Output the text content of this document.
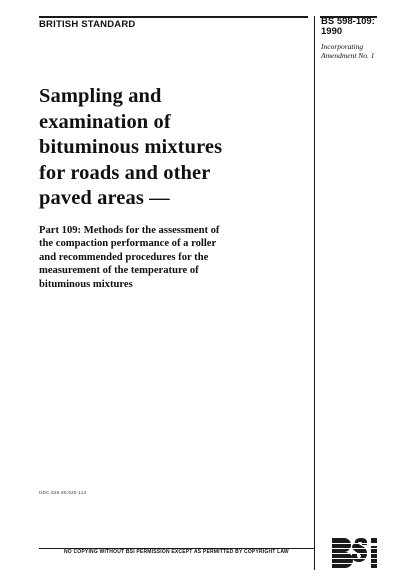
BRITISH STANDARD	BS 598-109:
1990
Incorporating
Amendment No. 1
Sampling and
examination of
bituminous mixtures
for roads and other
paved areas —
Part 109: Methods for the assessment of
the compaction performance of a roller
and recommended procedures for the
measurement of the temperature of
bituminous mixtures
UDC 625.85:620.113
NO COPYING WITHOUT BSI PERMISSION EXCEPT AS PERMITTED BY COPYRIGHT LAW
